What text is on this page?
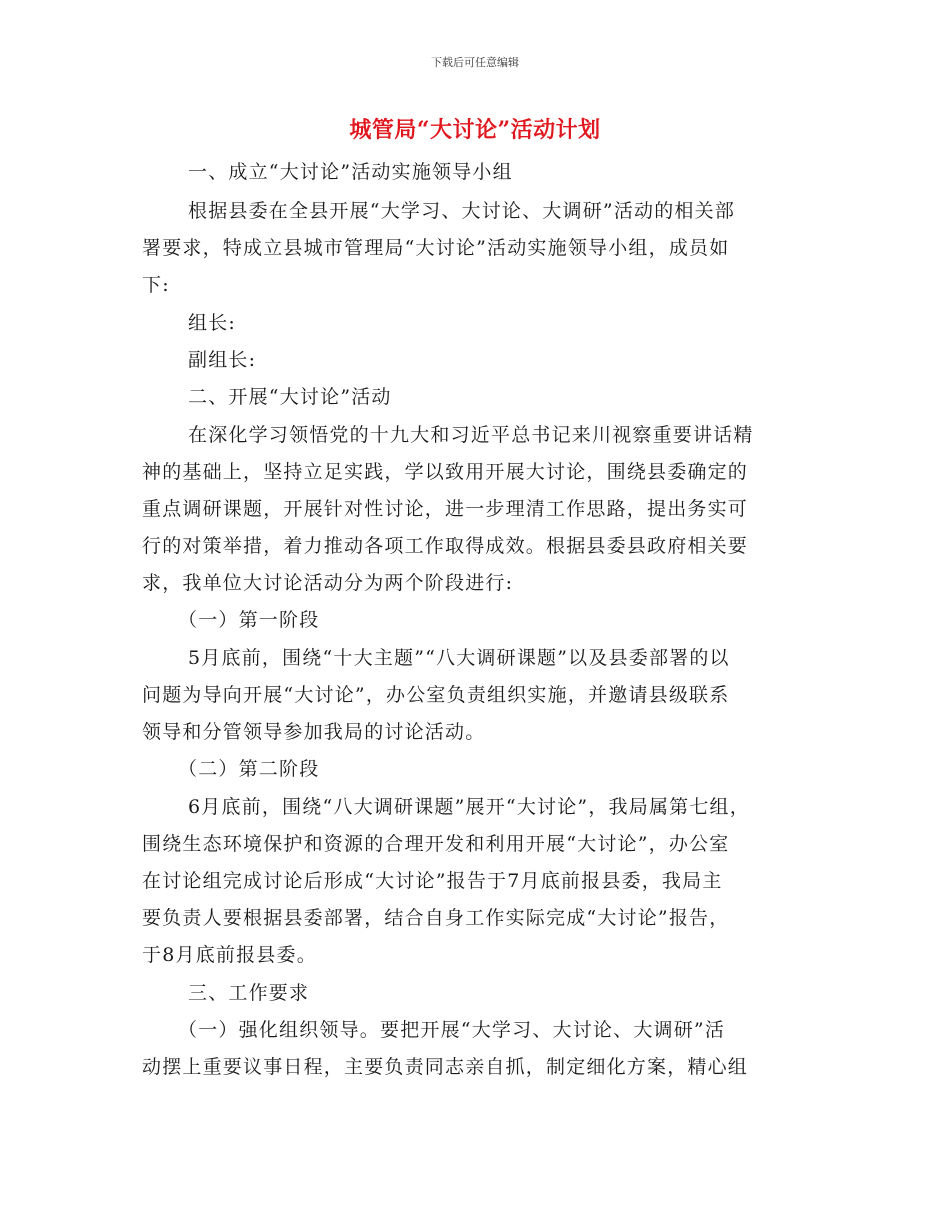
下载后可任意编辑
城管局“大讨论”活动计划
一、成立“大讨论”活动实施领导小组
根据县委在全县开展“大学习、大讨论、大调研”活动的相关部
署要求，特成立县城市管理局“大讨论”活动实施领导小组，成员如
下:
组长:
副组长:
二、开展“大讨论”活动
在深化学习领悟党的十九大和习近平总书记来川视察重要讲话精
神的基础上，坚持立足实践，学以致用开展大讨论，围绕县委确定的
重点调研课题，开展针对性讨论，进一步理清工作思路，提出务实可
行的对策举措，着力推动各项工作取得成效。根据县委县政府相关要
求，我单位大讨论活动分为两个阶段进行:
（一）第一阶段
5月底前，围绕“十大主题”“八大调研课题”以及县委部署的以
问题为导向开展“大讨论”，办公室负责组织实施，并邀请县级联系
领导和分管领导参加我局的讨论活动。
（二）第二阶段
6月底前，围绕“八大调研课题”展开“大讨论”，我局属第七组，
围绕生态环境保护和资源的合理开发和利用开展“大讨论”，办公室
在讨论组完成讨论后形成“大讨论”报告于7月底前报县委，我局主
要负责人要根据县委部署，结合自身工作实际完成“大讨论”报告，
于8月底前报县委。
三、工作要求
（一）强化组织领导。要把开展“大学习、大讨论、大调研”活
动摆上重要议事日程，主要负责同志亲自抓，制定细化方案，精心组
